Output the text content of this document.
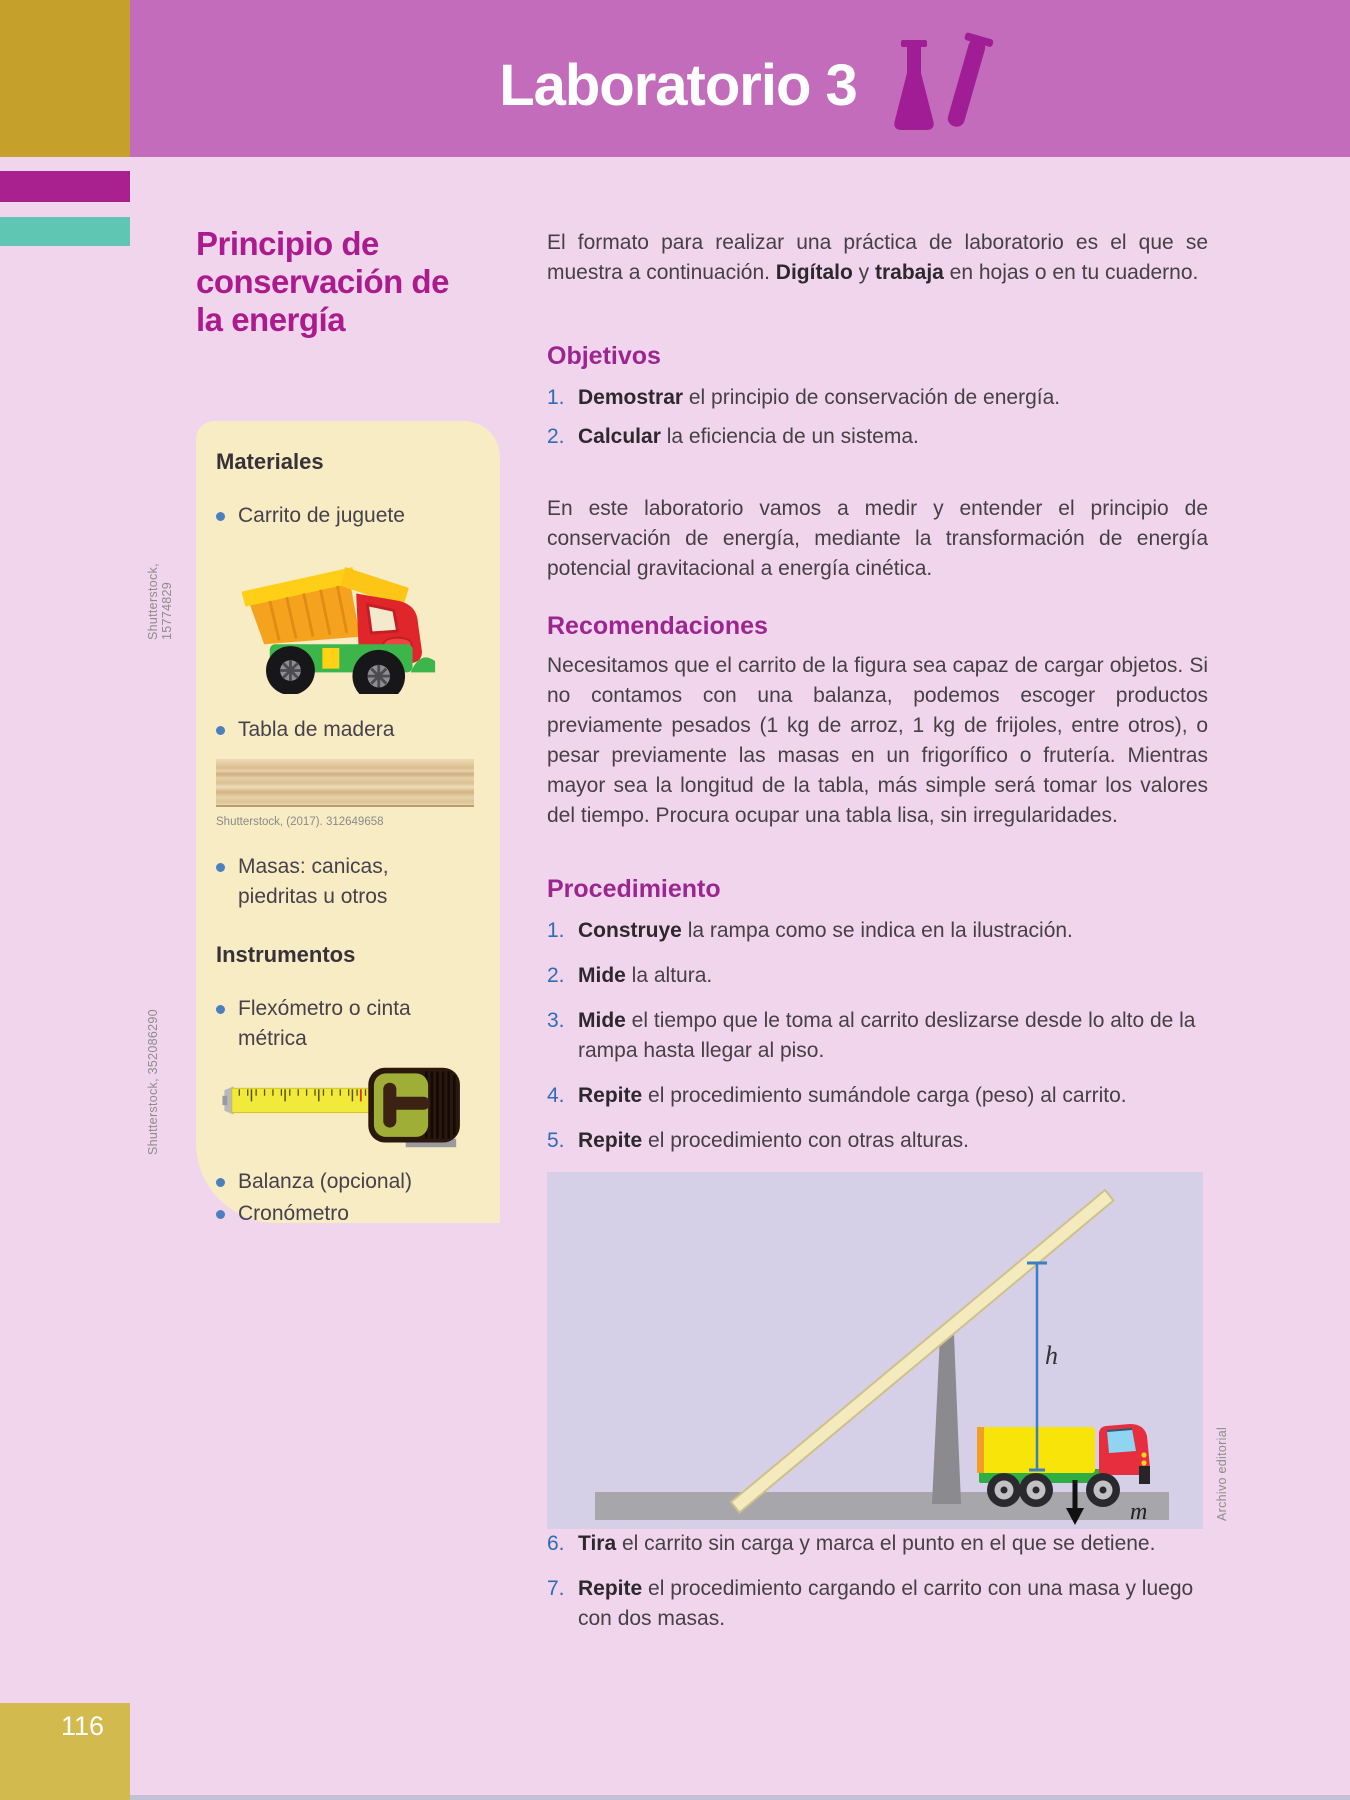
Laboratorio 3
Principio de conservación de la energía
Shutterstock, 15774829
Shutterstock, 352086290
Materiales
Carrito de juguete
Tabla de madera
Shutterstock, (2017). 312649658
Masas: canicas, piedritas u otros
Instrumentos
Flexómetro o cinta métrica
Balanza (opcional)
Cronómetro

El formato para realizar una práctica de laboratorio es el que se muestra a continuación. Digítalo y trabaja en hojas o en tu cuaderno.

Objetivos
1. Demostrar el principio de conservación de energía.
2. Calcular la eficiencia de un sistema.

En este laboratorio vamos a medir y entender el principio de conservación de energía, mediante la transformación de energía potencial gravitacional a energía cinética.

Recomendaciones

Necesitamos que el carrito de la figura sea capaz de cargar objetos. Si no contamos con una balanza, podemos escoger productos previamente pesados (1 kg de arroz, 1 kg de frijoles, entre otros), o pesar previamente las masas en un frigorífico o frutería. Mientras mayor sea la longitud de la tabla, más simple será tomar los valores del tiempo. Procura ocupar una tabla lisa, sin irregularidades.

Procedimiento
1. Construye la rampa como se indica en la ilustración.
2. Mide la altura.
3. Mide el tiempo que le toma al carrito deslizarse desde lo alto de la rampa hasta llegar al piso.
4. Repite el procedimiento sumándole carga (peso) al carrito.
5. Repite el procedimiento con otras alturas.
h
m	Archivo editorial
6. Tira el carrito sin carga y marca el punto en el que se detiene.
7. Repite el procedimiento cargando el carrito con una masa y luego con dos masas.
116
